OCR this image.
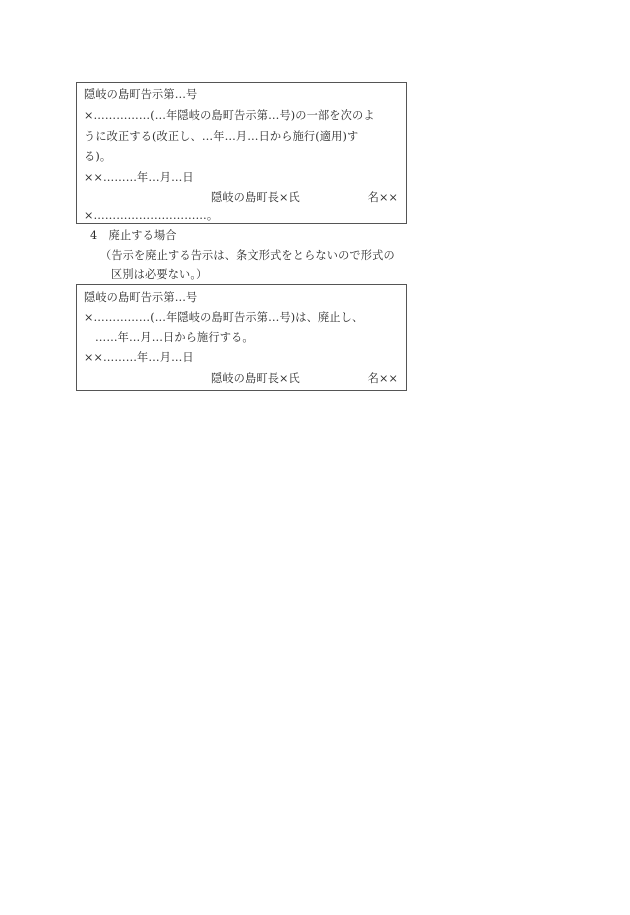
隠岐の島町告示第…号
×……………(…年隠岐の島町告示第…号)の一部を次のよ
うに改正する(改正し、…年…月…日から施行(適用)す
る)。
××………年…月…日
隠岐の島町長×氏	名××
×…………………………。
4　廃止する場合
（告示を廃止する告示は、条文形式をとらないので形式の
区別は必要ない。）
隠岐の島町告示第…号
×……………(…年隠岐の島町告示第…号)は、廃止し、
……年…月…日から施行する。
××………年…月…日
隠岐の島町長×氏	名××
